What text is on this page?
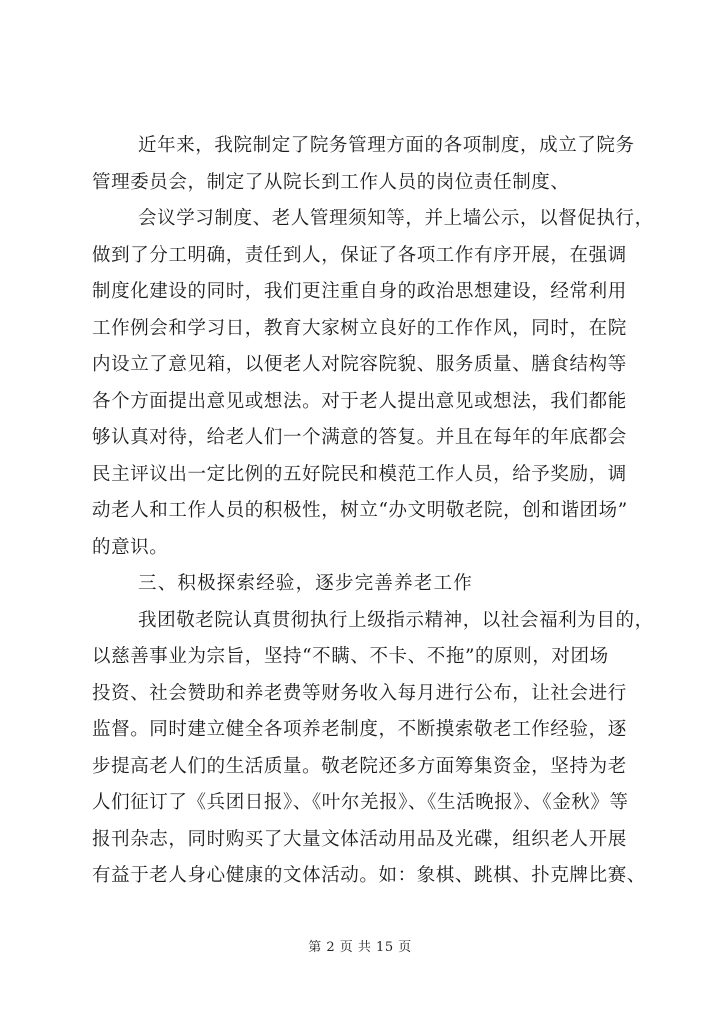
近年来，我院制定了院务管理方面的各项制度，成立了院务
管理委员会，制定了从院长到工作人员的岗位责任制度、
会议学习制度、老人管理须知等，并上墙公示，以督促执行，
做到了分工明确，责任到人，保证了各项工作有序开展，在强调
制度化建设的同时，我们更注重自身的政治思想建设，经常利用
工作例会和学习日，教育大家树立良好的工作作风，同时，在院
内设立了意见箱，以便老人对院容院貌、服务质量、膳食结构等
各个方面提出意见或想法。对于老人提出意见或想法，我们都能
够认真对待，给老人们一个满意的答复。并且在每年的年底都会
民主评议出一定比例的五好院民和模范工作人员，给予奖励，调
动老人和工作人员的积极性，树立“办文明敬老院，创和谐团场”
的意识。
三、积极探索经验，逐步完善养老工作
我团敬老院认真贯彻执行上级指示精神，以社会福利为目的，
以慈善事业为宗旨，坚持“不瞒、不卡、不拖”的原则，对团场
投资、社会赞助和养老费等财务收入每月进行公布，让社会进行
监督。同时建立健全各项养老制度，不断摸索敬老工作经验，逐
步提高老人们的生活质量。敬老院还多方面筹集资金，坚持为老
人们征订了《兵团日报》、《叶尔羌报》、《生活晚报》、《金秋》等
报刊杂志，同时购买了大量文体活动用品及光碟，组织老人开展
有益于老人身心健康的文体活动。如：象棋、跳棋、扑克牌比赛、
第 2 页 共 15 页
